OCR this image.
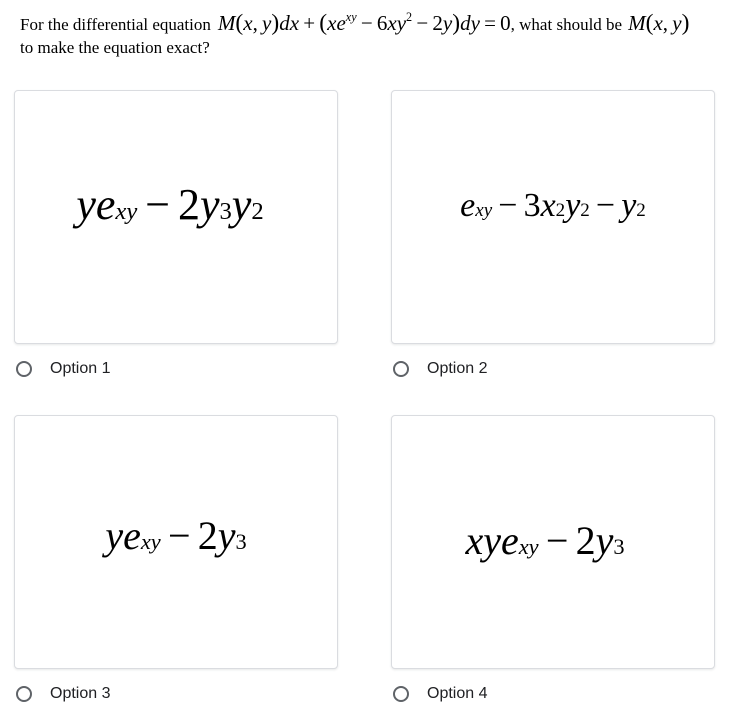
For the differential equation M(x, $y)dx + (xe^{xy} - 6xy^2 - 2y)dy = 0$ , what should be M(x, y)
to make the equation exact?
ye xy − 2 y 3 y 2
Option 1
e xy − 3 x 2 y 2 − y 2
Option 2
ye xy − 2 y 3
Option 3
xye xy − 2 y 3
Option 4
